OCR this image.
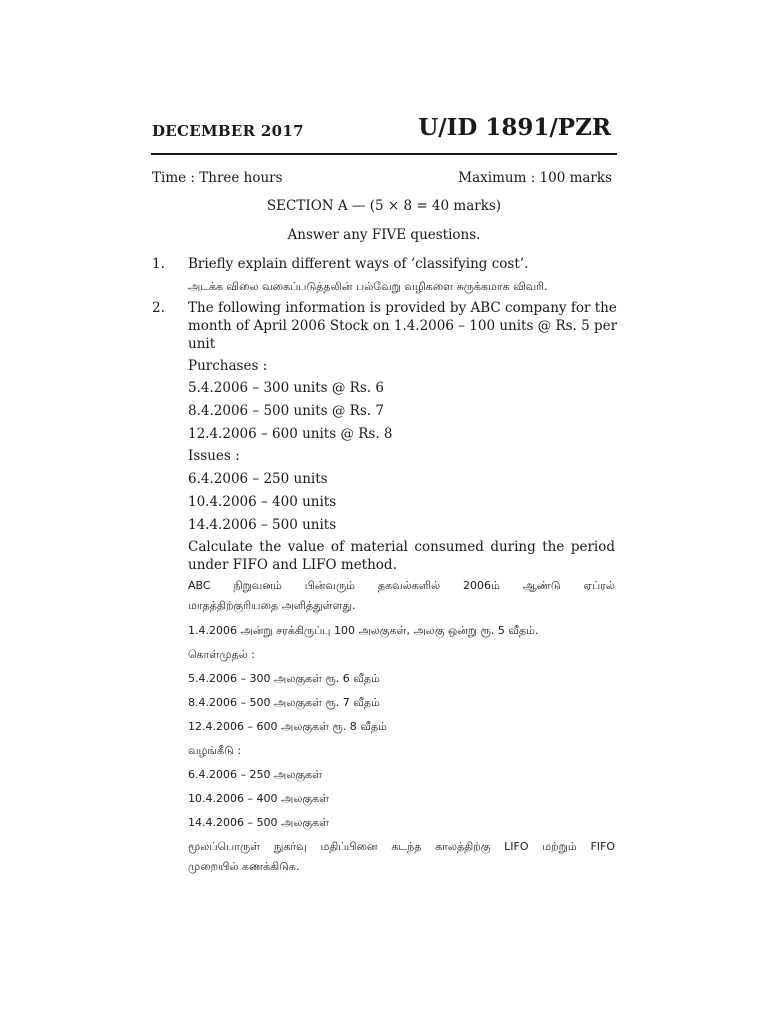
DECEMBER 2017	U/ID 1891/PZR
Time : Three hours	Maximum : 100 marks
SECTION A — (5 × 8 = 40 marks)
Answer any FIVE questions.
1. Briefly explain different ways of ‘classifying cost’.
அடக்க விலை வகைப்படுத்தலின் பல்வேறு வழிகளை சுருக்கமாக விவரி.
2. The following information is provided by ABC company for the
month of April 2006 Stock on 1.4.2006 – 100 units @ Rs. 5 per
unit
Purchases :
5.4.2006 – 300 units @ Rs. 6
8.4.2006 – 500 units @ Rs. 7
12.4.2006 – 600 units @ Rs. 8
Issues :
6.4.2006 – 250 units
10.4.2006 – 400 units
14.4.2006 – 500 units
Calculate the value of material consumed during the period
under FIFO and LIFO method.
ABC நிறுவனம் பின்வரும் தகவல்களில் 2006ம் ஆண்டு ஏப்ரல்
மாதத்திற்குரியதை அளித்துள்ளது.
1.4.2006 அன்று சரக்கிருப்பு 100 அலகுகள், அலகு ஒன்று ரூ. 5 வீதம்.
கொள்முதல் :
5.4.2006 – 300 அலகுகள் ரூ. 6 வீதம்
8.4.2006 – 500 அலகுகள் ரூ. 7 வீதம்
12.4.2006 – 600 அலகுகள் ரூ. 8 வீதம்
வழங்கீடு :
6.4.2006 – 250 அலகுகள்
10.4.2006 – 400 அலகுகள்
14.4.2006 – 500 அலகுகள்
மூலப்பொருள் நுகர்வு மதிப்பினை கடந்த காலத்திற்கு LIFO மற்றும் FIFO
முறையில் கணக்கிடுக.
